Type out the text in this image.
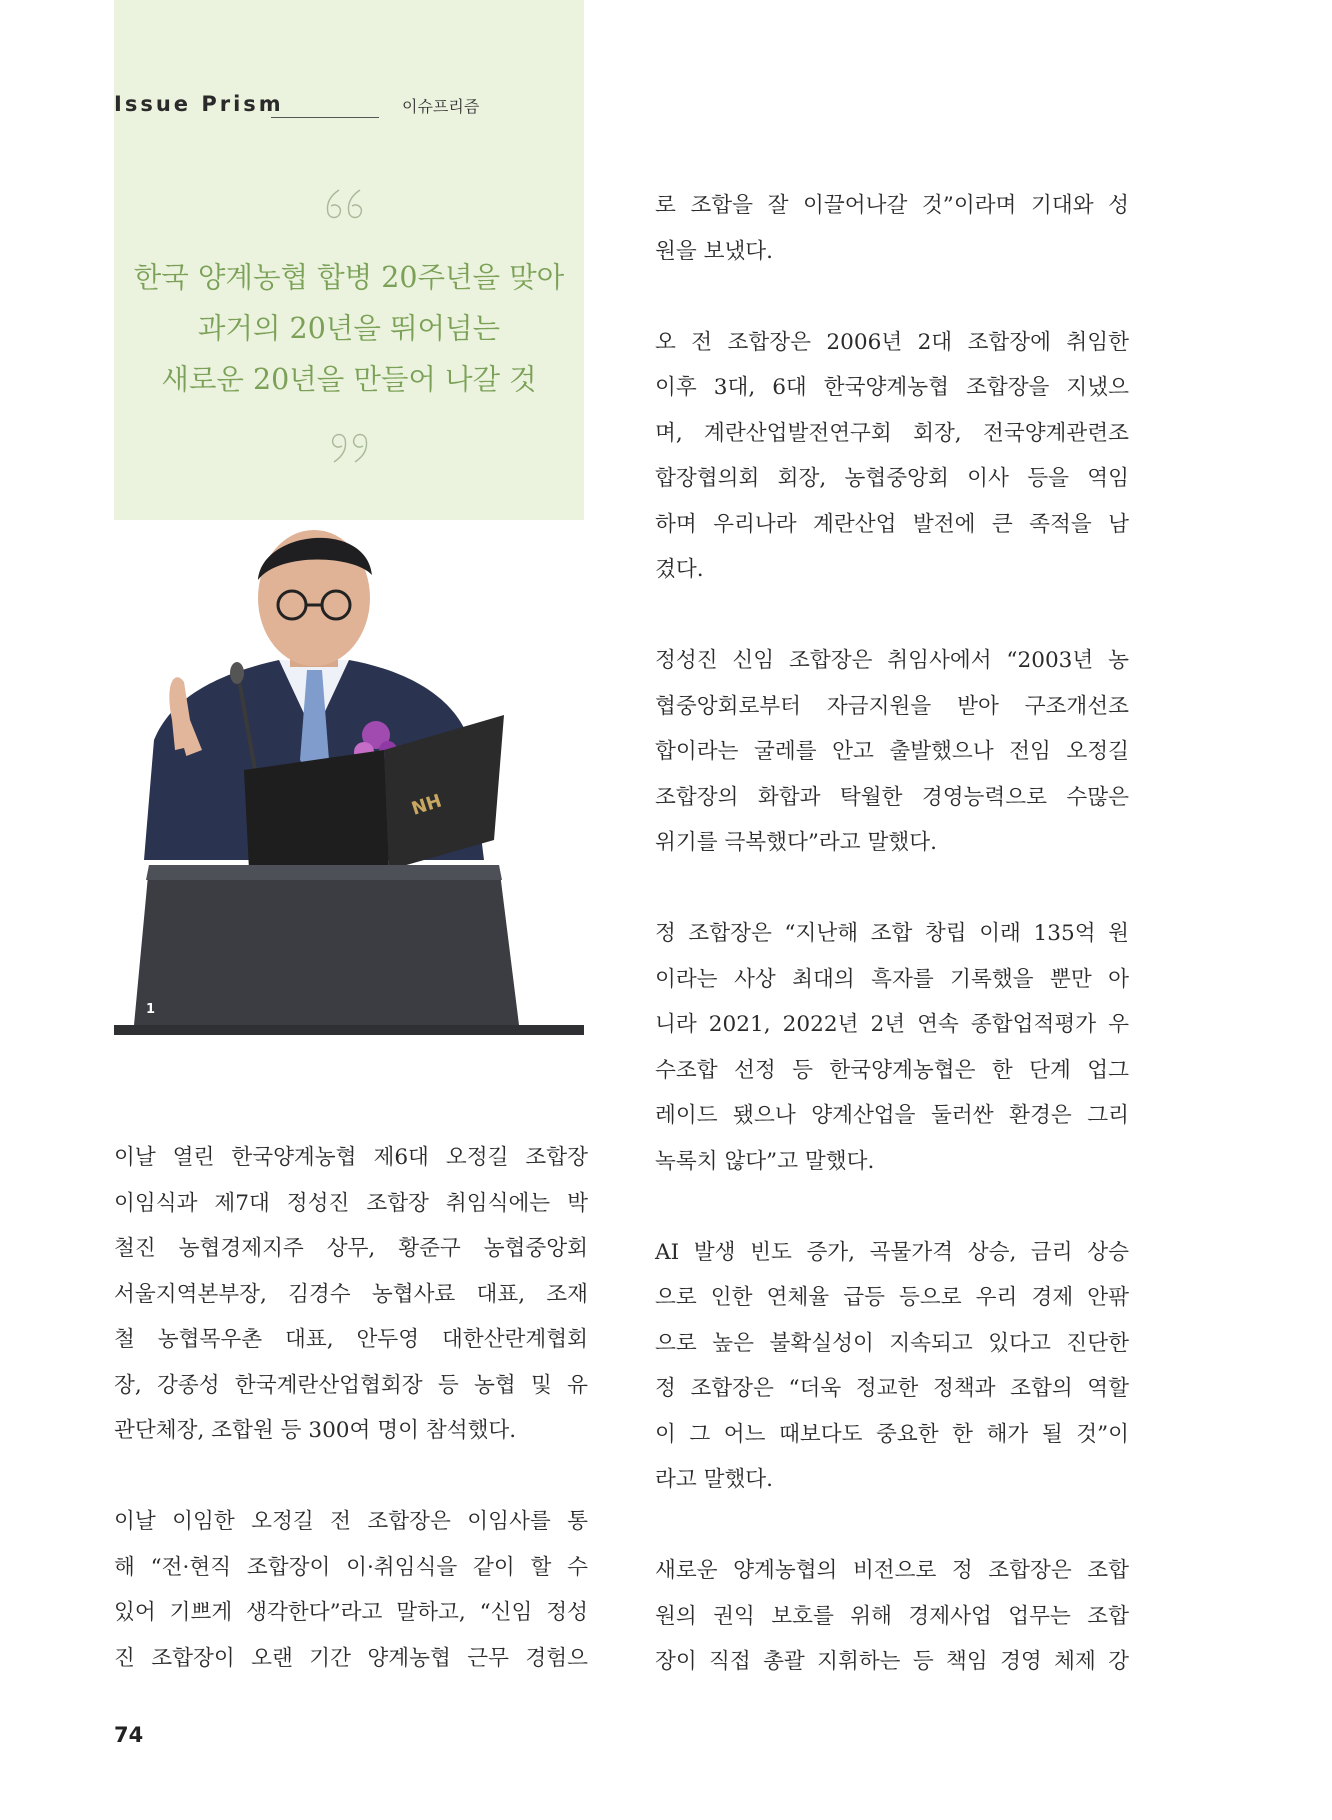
Issue Prism	이슈프리즘
한국 양계농협 합병 20주년을 맞아
과거의 20년을 뛰어넘는
새로운 20년을 만들어 나갈 것
NH
1
이날 열린 한국양계농협 제6대 오정길 조합장
이임식과 제7대 정성진 조합장 취임식에는 박
철진 농협경제지주 상무, 황준구 농협중앙회
서울지역본부장, 김경수 농협사료 대표, 조재
철 농협목우촌 대표, 안두영 대한산란계협회
장, 강종성 한국계란산업협회장 등 농협 및 유
관단체장, 조합원 등 300여 명이 참석했다.
이날 이임한 오정길 전 조합장은 이임사를 통
해 “전·현직 조합장이 이·취임식을 같이 할 수
있어 기쁘게 생각한다”라고 말하고, “신임 정성
진 조합장이 오랜 기간 양계농협 근무 경험으
로 조합을 잘 이끌어나갈 것”이라며 기대와 성
원을 보냈다.
오 전 조합장은 2006년 2대 조합장에 취임한
이후 3대, 6대 한국양계농협 조합장을 지냈으
며, 계란산업발전연구회 회장, 전국양계관련조
합장협의회 회장, 농협중앙회 이사 등을 역임
하며 우리나라 계란산업 발전에 큰 족적을 남
겼다.
정성진 신임 조합장은 취임사에서 “2003년 농
협중앙회로부터 자금지원을 받아 구조개선조
합이라는 굴레를 안고 출발했으나 전임 오정길
조합장의 화합과 탁월한 경영능력으로 수많은
위기를 극복했다”라고 말했다.
정 조합장은 “지난해 조합 창립 이래 135억 원
이라는 사상 최대의 흑자를 기록했을 뿐만 아
니라 2021, 2022년 2년 연속 종합업적평가 우
수조합 선정 등 한국양계농협은 한 단계 업그
레이드 됐으나 양계산업을 둘러싼 환경은 그리
녹록치 않다”고 말했다.
AI 발생 빈도 증가, 곡물가격 상승, 금리 상승
으로 인한 연체율 급등 등으로 우리 경제 안팎
으로 높은 불확실성이 지속되고 있다고 진단한
정 조합장은 “더욱 정교한 정책과 조합의 역할
이 그 어느 때보다도 중요한 한 해가 될 것”이
라고 말했다.
새로운 양계농협의 비전으로 정 조합장은 조합
원의 권익 보호를 위해 경제사업 업무는 조합
장이 직접 총괄 지휘하는 등 책임 경영 체제 강
74
